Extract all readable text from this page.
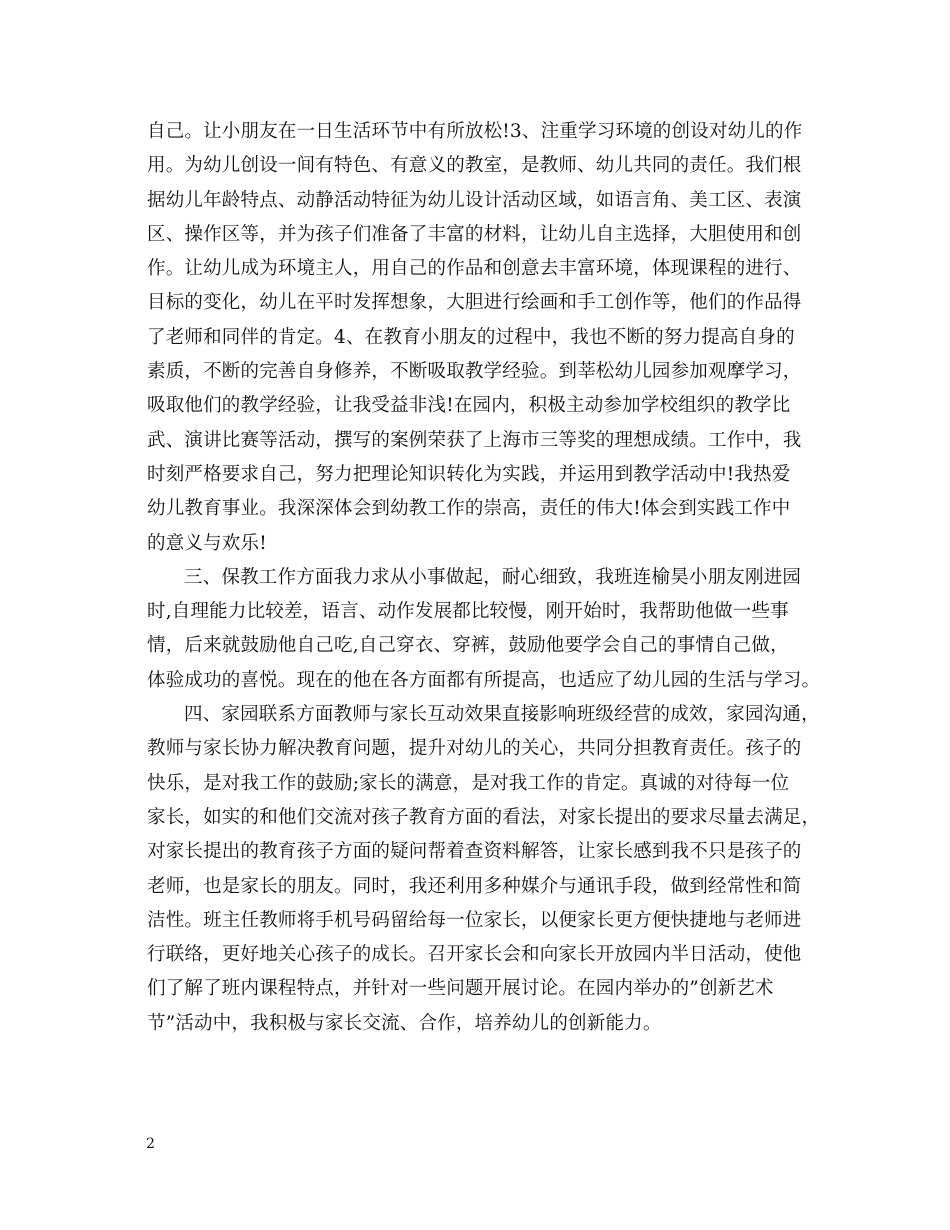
自己。让小朋友在一日生活环节中有所放松!3、注重学习环境的创设对幼儿的作
用。为幼儿创设一间有特色、有意义的教室，是教师、幼儿共同的责任。我们根
据幼儿年龄特点、动静活动特征为幼儿设计活动区域，如语言角、美工区、表演
区、操作区等，并为孩子们准备了丰富的材料，让幼儿自主选择，大胆使用和创
作。让幼儿成为环境主人，用自己的作品和创意去丰富环境，体现课程的进行、
目标的变化，幼儿在平时发挥想象，大胆进行绘画和手工创作等，他们的作品得
了老师和同伴的肯定。4、在教育小朋友的过程中，我也不断的努力提高自身的
素质，不断的完善自身修养，不断吸取教学经验。到莘松幼儿园参加观摩学习，
吸取他们的教学经验，让我受益非浅!在园内，积极主动参加学校组织的教学比
武、演讲比赛等活动，撰写的案例荣获了上海市三等奖的理想成绩。工作中，我
时刻严格要求自己，努力把理论知识转化为实践，并运用到教学活动中!我热爱
幼儿教育事业。我深深体会到幼教工作的崇高，责任的伟大!体会到实践工作中
的意义与欢乐!
三、保教工作方面我力求从小事做起，耐心细致，我班连榆昊小朋友刚进园
时,自理能力比较差，语言、动作发展都比较慢，刚开始时，我帮助他做一些事
情，后来就鼓励他自己吃,自己穿衣、穿裤，鼓励他要学会自己的事情自己做，
体验成功的喜悦。现在的他在各方面都有所提高，也适应了幼儿园的生活与学习。
四、家园联系方面教师与家长互动效果直接影响班级经营的成效，家园沟通，
教师与家长协力解决教育问题，提升对幼儿的关心，共同分担教育责任。孩子的
快乐，是对我工作的鼓励;家长的满意，是对我工作的肯定。真诚的对待每一位
家长，如实的和他们交流对孩子教育方面的看法，对家长提出的要求尽量去满足，
对家长提出的教育孩子方面的疑问帮着查资料解答，让家长感到我不只是孩子的
老师，也是家长的朋友。同时，我还利用多种媒介与通讯手段，做到经常性和简
洁性。班主任教师将手机号码留给每一位家长，以便家长更方便快捷地与老师进
行联络，更好地关心孩子的成长。召开家长会和向家长开放园内半日活动，使他
们了解了班内课程特点，并针对一些问题开展讨论。在园内举办的”创新艺术
节”活动中，我积极与家长交流、合作，培养幼儿的创新能力。
2
